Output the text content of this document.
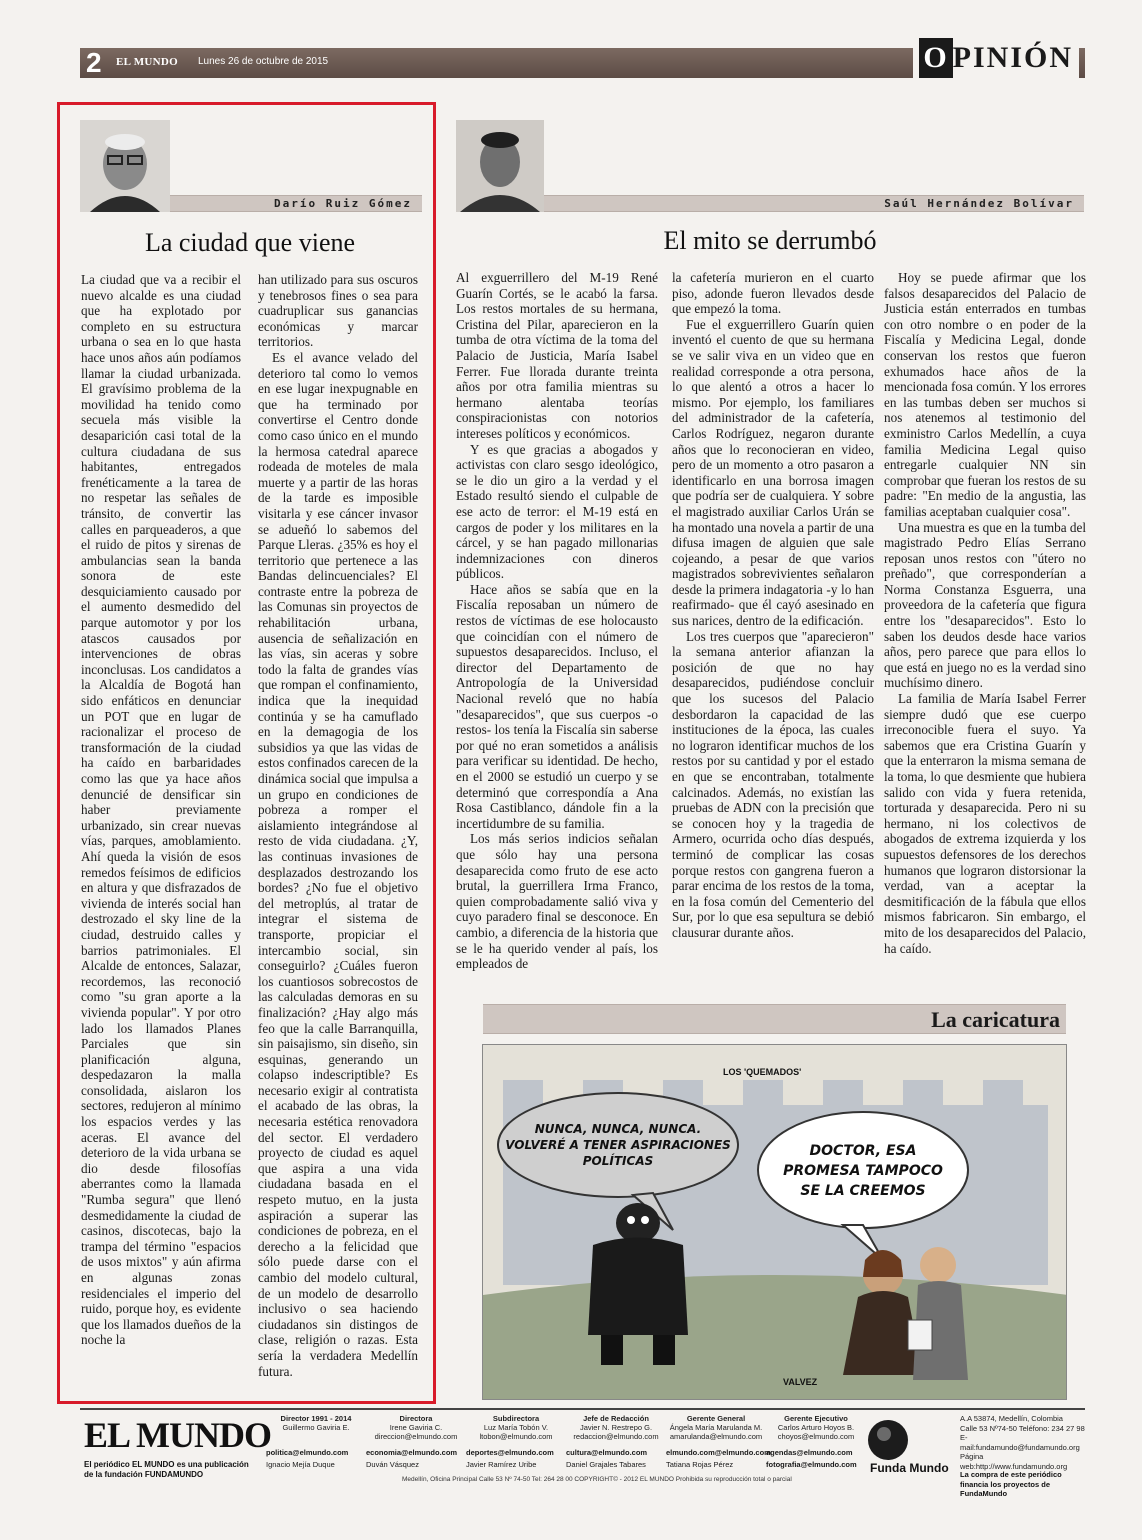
2 EL MUNDO Lunes 26 de octubre de 2015	O PINIÓN
Darío Ruiz Gómez
La ciudad que viene

La ciudad que va a recibir el nuevo alcalde es una ciudad que ha explotado por completo en su estructura urbana o sea en lo que hasta hace unos años aún podíamos llamar la ciudad urbanizada. El gravísimo problema de la movilidad ha tenido como secuela más visible la desaparición casi total de la cultura ciudadana de sus habitantes, entregados frenéticamente a la tarea de no respetar las señales de tránsito, de convertir las calles en parqueaderos, a que el ruido de pitos y sirenas de ambulancias sean la banda sonora de este desquiciamiento causado por el aumento desmedido del parque automotor y por los atascos causados por intervenciones de obras inconclusas. Los candidatos a la Alcaldía de Bogotá han sido enfáticos en denunciar un POT que en lugar de racionalizar el proceso de transformación de la ciudad ha caído en barbaridades como las que ya hace años denuncié de densificar sin haber previamente urbanizado, sin crear nuevas vías, parques, amoblamiento. Ahí queda la visión de esos remedos feísimos de edificios en altura y que disfrazados de vivienda de interés social han destrozado el sky line de la ciudad, destruido calles y barrios patrimoniales. El Alcalde de entonces, Salazar, recordemos, las reconoció como "su gran aporte a la vivienda popular". Y por otro lado los llamados Planes Parciales que sin planificación alguna, despedazaron la malla consolidada, aislaron los sectores, redujeron al mínimo los espacios verdes y las aceras. El avance del deterioro de la vida urbana se dio desde filosofías aberrantes como la llamada "Rumba segura" que llenó desmedidamente la ciudad de casinos, discotecas, bajo la trampa del término "espacios de usos mixtos" y aún afirma en algunas zonas residenciales el imperio del ruido, porque hoy, es evidente que los llamados dueños de la noche la

han utilizado para sus oscuros y tenebrosos fines o sea para cuadruplicar sus ganancias económicas y marcar territorios.

Es el avance velado del deterioro tal como lo vemos en ese lugar inexpugnable en que ha terminado por convertirse el Centro donde como caso único en el mundo la hermosa catedral aparece rodeada de moteles de mala muerte y a partir de las horas de la tarde es imposible visitarla y ese cáncer invasor se adueñó lo sabemos del Parque Lleras. ¿35% es hoy el territorio que pertenece a las Bandas delincuenciales? El contraste entre la pobreza de las Comunas sin proyectos de rehabilitación urbana, ausencia de señalización en las vías, sin aceras y sobre todo la falta de grandes vías que rompan el confinamiento, indica que la inequidad continúa y se ha camuflado en la demagogia de los subsidios ya que las vidas de estos confinados carecen de la dinámica social que impulsa a un grupo en condiciones de pobreza a romper el aislamiento integrándose al resto de vida ciudadana. ¿Y, las continuas invasiones de desplazados destrozando los bordes? ¿No fue el objetivo del metroplús, al tratar de integrar el sistema de transporte, propiciar el intercambio social, sin conseguirlo? ¿Cuáles fueron los cuantiosos sobrecostos de las calculadas demoras en su finalización? ¿Hay algo más feo que la calle Barranquilla, sin paisajismo, sin diseño, sin esquinas, generando un colapso indescriptible? Es necesario exigir al contratista el acabado de las obras, la necesaria estética renovadora del sector. El verdadero proyecto de ciudad es aquel que aspira a una vida ciudadana basada en el respeto mutuo, en la justa aspiración a superar las condiciones de pobreza, en el derecho a la felicidad que sólo puede darse con el cambio del modelo cultural, de un modelo de desarrollo inclusivo o sea haciendo ciudadanos sin distingos de clase, religión o razas. Esta sería la verdadera Medellín futura.

Saúl Hernández Bolívar
El mito se derrumbó

Al exguerrillero del M-19 René Guarín Cortés, se le acabó la farsa. Los restos mortales de su hermana, Cristina del Pilar, aparecieron en la tumba de otra víctima de la toma del Palacio de Justicia, María Isabel Ferrer. Fue llorada durante treinta años por otra familia mientras su hermano alentaba teorías conspiracionistas con notorios intereses políticos y económicos.

Y es que gracias a abogados y activistas con claro sesgo ideológico, se le dio un giro a la verdad y el Estado resultó siendo el culpable de ese acto de terror: el M-19 está en cargos de poder y los militares en la cárcel, y se han pagado millonarias indemnizaciones con dineros públicos.

Hace años se sabía que en la Fiscalía reposaban un número de restos de víctimas de ese holocausto que coincidían con el número de supuestos desaparecidos. Incluso, el director del Departamento de Antropología de la Universidad Nacional reveló que no había "desaparecidos", que sus cuerpos -o restos- los tenía la Fiscalía sin saberse por qué no eran sometidos a análisis para verificar su identidad. De hecho, en el 2000 se estudió un cuerpo y se determinó que correspondía a Ana Rosa Castiblanco, dándole fin a la incertidumbre de su familia.

Los más serios indicios señalan que sólo hay una persona desaparecida como fruto de ese acto brutal, la guerrillera Irma Franco, quien comprobadamente salió viva y cuyo paradero final se desconoce. En cambio, a diferencia de la historia que se le ha querido vender al país, los empleados de

la cafetería murieron en el cuarto piso, adonde fueron llevados desde que empezó la toma.

Fue el exguerrillero Guarín quien inventó el cuento de que su hermana se ve salir viva en un video que en realidad corresponde a otra persona, lo que alentó a otros a hacer lo mismo. Por ejemplo, los familiares del administrador de la cafetería, Carlos Rodríguez, negaron durante años que lo reconocieran en video, pero de un momento a otro pasaron a identificarlo en una borrosa imagen que podría ser de cualquiera. Y sobre el magistrado auxiliar Carlos Urán se ha montado una novela a partir de una difusa imagen de alguien que sale cojeando, a pesar de que varios magistrados sobrevivientes señalaron desde la primera indagatoria -y lo han reafirmado- que él cayó asesinado en sus narices, dentro de la edificación.

Los tres cuerpos que "aparecieron" la semana anterior afianzan la posición de que no hay desaparecidos, pudiéndose concluir que los sucesos del Palacio desbordaron la capacidad de las instituciones de la época, las cuales no lograron identificar muchos de los restos por su cantidad y por el estado en que se encontraban, totalmente calcinados. Además, no existían las pruebas de ADN con la precisión que se conocen hoy y la tragedia de Armero, ocurrida ocho días después, terminó de complicar las cosas porque restos con gangrena fueron a parar encima de los restos de la toma, en la fosa común del Cementerio del Sur, por lo que esa sepultura se debió clausurar durante años.

Hoy se puede afirmar que los falsos desaparecidos del Palacio de Justicia están enterrados en tumbas con otro nombre o en poder de la Fiscalía y Medicina Legal, donde conservan los restos que fueron exhumados hace años de la mencionada fosa común. Y los errores en las tumbas deben ser muchos si nos atenemos al testimonio del exministro Carlos Medellín, a cuya familia Medicina Legal quiso entregarle cualquier NN sin comprobar que fueran los restos de su padre: "En medio de la angustia, las familias aceptaban cualquier cosa".

Una muestra es que en la tumba del magistrado Pedro Elías Serrano reposan unos restos con "útero no preñado", que corresponderían a Norma Constanza Esguerra, una proveedora de la cafetería que figura entre los "desaparecidos". Esto lo saben los deudos desde hace varios años, pero parece que para ellos lo que está en juego no es la verdad sino muchísimo dinero.

La familia de María Isabel Ferrer siempre dudó que ese cuerpo irreconocible fuera el suyo. Ya sabemos que era Cristina Guarín y que la enterraron la misma semana de la toma, lo que desmiente que hubiera salido con vida y fuera retenida, torturada y desaparecida. Pero ni su hermano, ni los colectivos de abogados de extrema izquierda y los supuestos defensores de los derechos humanos que lograron distorsionar la verdad, van a aceptar la desmitificación de la fábula que ellos mismos fabricaron. Sin embargo, el mito de los desaparecidos del Palacio, ha caído.

La caricatura
LOS 'QUEMADOS'
NUNCA, NUNCA, NUNCA.
VOLVERÉ A TENER ASPIRACIONES
POLÍTICAS
DOCTOR, ESA
PROMESA TAMPOCO
SE LA CREEMOS
VALVEZ
EL MUNDO
El periódico EL MUNDO es una publicación de la fundación FUNDAMUNDO
Director 1991 - 2014
Guillermo Gaviria E.
Directora
Irene Gaviria C.
direccion@elmundo.com
Subdirectora
Luz María Tobón V.
ltobon@elmundo.com
Jefe de Redacción
Javier N. Restrepo G.
redaccion@elmundo.com
Gerente General
Ángela María Marulanda M.
amarulanda@elmundo.com
Gerente Ejecutivo
Carlos Arturo Hoyos B.
choyos@elmundo.com
politica@elmundo.com economia@elmundo.com deportes@elmundo.com cultura@elmundo.com	elmundo.com@elmundo.com
agendas@elmundo.com
Ignacio Mejía Duque	Duván Vásquez	Javier Ramírez Uribe	Daniel Grajales Tabares	Tatiana Rojas Pérez	fotografia@elmundo.com
Medellín, Oficina Principal Calle 53 Nº 74-50 Tel: 264 28 00 COPYRIGHT© - 2012 EL MUNDO Prohibida su reproducción total o parcial
Funda Mundo
A.A 53874, Medellín, Colombia
Calle 53 Nº74-50 Teléfono: 234 27 98
E-mail:fundamundo@fundamundo.org
Página web:http://www.fundamundo.org
La compra de este periódico financia los proyectos de FundaMundo
